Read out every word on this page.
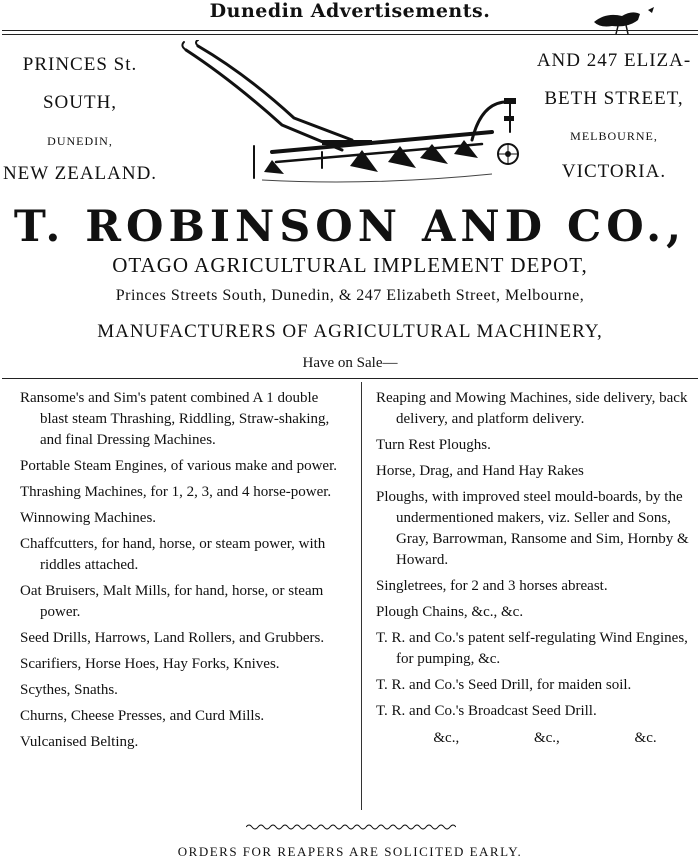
Dunedin Advertisements.
PRINCES St.
SOUTH,
DUNEDIN,
NEW ZEALAND.
AND 247 ELIZA-
BETH STREET,
MELBOURNE,
VICTORIA.
T. ROBINSON AND CO.,
OTAGO AGRICULTURAL IMPLEMENT DEPOT,
Princes Streets South, Dunedin, & 247 Elizabeth Street, Melbourne,
MANUFACTURERS OF AGRICULTURAL MACHINERY,
Have on Sale—

Ransome's and Sim's patent combined A 1 double blast steam Thrashing, Riddling, Straw-shaking, and final Dressing Machines.

Portable Steam Engines, of various make and power.

Thrashing Machines, for 1, 2, 3, and 4 horse-power.

Winnowing Machines.

Chaffcutters, for hand, horse, or steam power, with riddles attached.

Oat Bruisers, Malt Mills, for hand, horse, or steam power.

Seed Drills, Harrows, Land Rollers, and Grubbers.

Scarifiers, Horse Hoes, Hay Forks, Knives.

Scythes, Snaths.

Churns, Cheese Presses, and Curd Mills.

Vulcanised Belting.

Reaping and Mowing Machines, side delivery, back delivery, and platform delivery.

Turn Rest Ploughs.

Horse, Drag, and Hand Hay Rakes

Ploughs, with improved steel mould-boards, by the undermentioned makers, viz. Seller and Sons, Gray, Barrowman, Ransome and Sim, Hornby & Howard.

Singletrees, for 2 and 3 horses abreast.

Plough Chains, &c., &c.

T. R. and Co.'s patent self-regulating Wind Engines, for pumping, &c.

T. R. and Co.'s Seed Drill, for maiden soil.

T. R. and Co.'s Broadcast Seed Drill.

&c.,	&c.,	&c.
ORDERS FOR REAPERS ARE SOLICITED EARLY.
